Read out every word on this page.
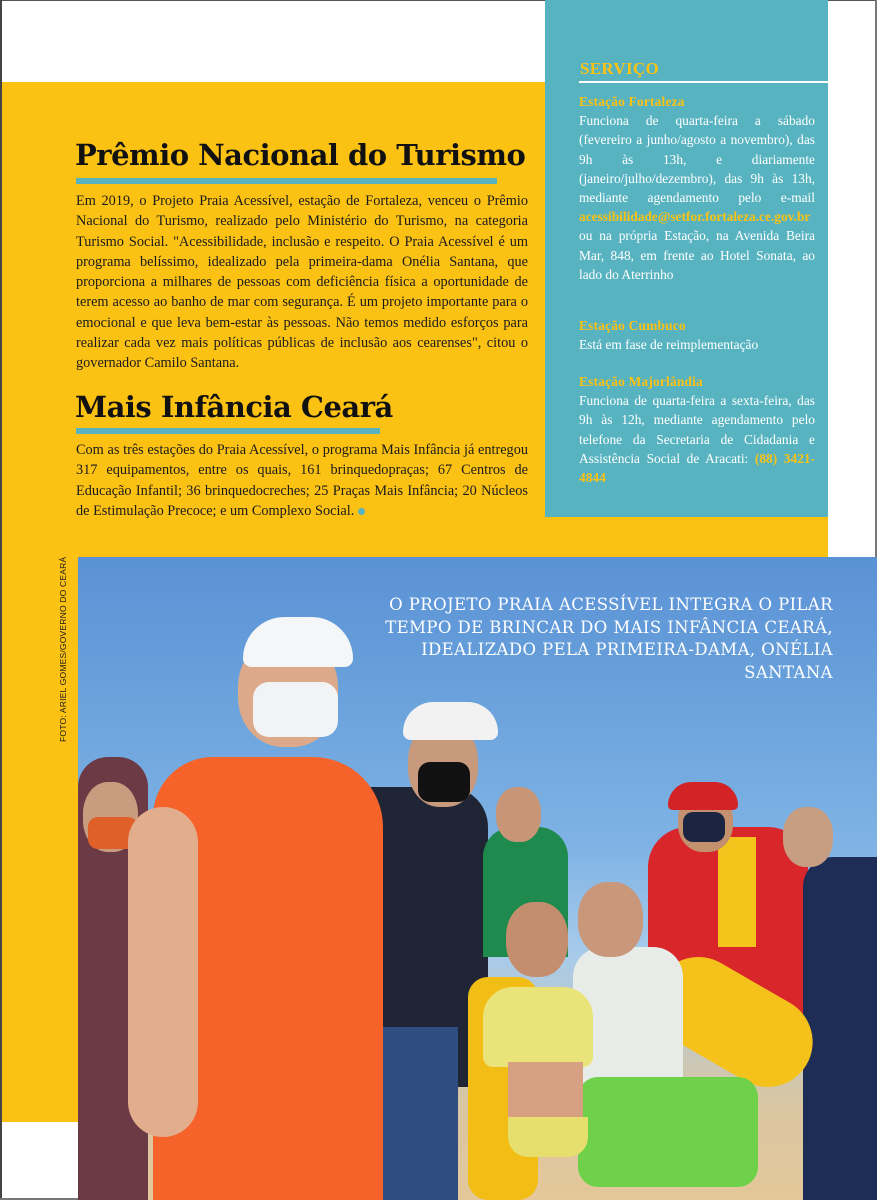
Prêmio Nacional do Turismo
Em 2019, o Projeto Praia Acessível, estação de Fortaleza, venceu o Prêmio Nacional do Turismo, realizado pelo Ministério do Turismo, na categoria Turismo Social. "Acessibilidade, inclusão e respeito. O Praia Acessível é um programa belíssimo, idealizado pela primeira-dama Onélia Santana, que proporciona a milhares de pessoas com deficiência física a oportunidade de terem acesso ao banho de mar com segurança. É um projeto importante para o emocional e que leva bem-estar às pessoas. Não temos medido esforços para realizar cada vez mais políticas públicas de inclusão aos cearenses", citou o governador Camilo Santana.
Mais Infância Ceará
Com as três estações do Praia Acessível, o programa Mais Infância já entregou 317 equipamentos, entre os quais, 161 brinquedopraças; 67 Centros de Educação Infantil; 36 brinquedocreches; 25 Praças Mais Infância; 20 Núcleos de Estimulação Precoce; e um Complexo Social.
SERVIÇO
Estação Fortaleza
Funciona de quarta-feira a sábado (fevereiro a junho/agosto a novembro), das 9h às 13h, e diariamente (janeiro/julho/dezembro), das 9h às 13h, mediante agendamento pelo e-mail acessibilidade@setfor.fortaleza.ce.gov.br ou na própria Estação, na Avenida Beira Mar, 848, em frente ao Hotel Sonata, ao lado do Aterrinho
Estação Cumbuco
Está em fase de reimplementação
Estação Majorlândia
Funciona de quarta-feira a sexta-feira, das 9h às 12h, mediante agendamento pelo telefone da Secretaria de Cidadania e Assistência Social de Aracati: (88) 3421-4844
FOTO: ARIEL GOMES/GOVERNO DO CEARÁ	O PROJETO PRAIA ACESSÍVEL INTEGRA O PILAR TEMPO DE BRINCAR DO MAIS INFÂNCIA CEARÁ, IDEALIZADO PELA PRIMEIRA-DAMA, ONÉLIA SANTANA
